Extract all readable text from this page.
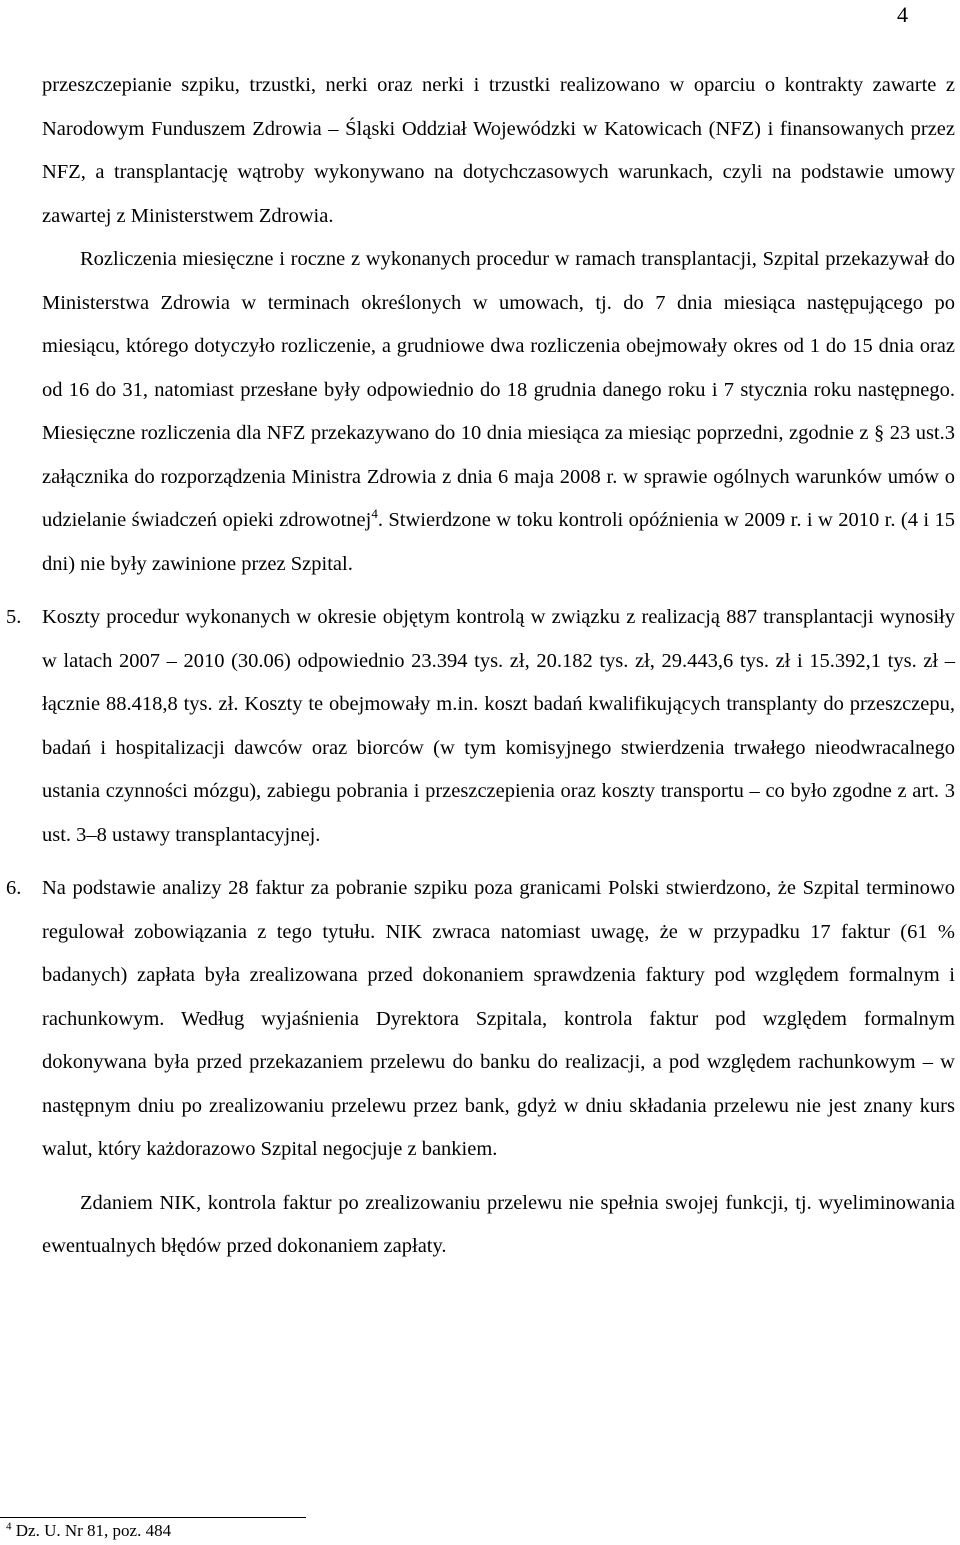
4

przeszczepianie szpiku, trzustki, nerki oraz nerki i trzustki realizowano w oparciu o kontrakty zawarte z Narodowym Funduszem Zdrowia – Śląski Oddział Wojewódzki w Katowicach (NFZ) i finansowanych przez NFZ, a transplantację wątroby wykonywano na dotychczasowych warunkach, czyli na podstawie umowy zawartej z Ministerstwem Zdrowia.

Rozliczenia miesięczne i roczne z wykonanych procedur w ramach transplantacji, Szpital przekazywał do Ministerstwa Zdrowia w terminach określonych w umowach, tj. do 7 dnia miesiąca następującego po miesiącu, którego dotyczyło rozliczenie, a grudniowe dwa rozliczenia obejmowały okres od 1 do 15 dnia oraz od 16 do 31, natomiast przesłane były odpowiednio do 18 grudnia danego roku i 7 stycznia roku następnego. Miesięczne rozliczenia dla NFZ przekazywano do 10 dnia miesiąca za miesiąc poprzedni, zgodnie z § 23 ust.3 załącznika do rozporządzenia Ministra Zdrowia z dnia 6 maja 2008 r. w sprawie ogólnych warunków umów o udzielanie świadczeń opieki zdrowotnej$^4$. Stwierdzone w toku kontroli opóźnienia w 2009 r. i w 2010 r. (4 i 15 dni) nie były zawinione przez Szpital.

5. Koszty procedur wykonanych w okresie objętym kontrolą w związku z realizacją 887 transplantacji wynosiły w latach 2007 – 2010 (30.06) odpowiednio 23.394 tys. zł, 20.182 tys. zł, 29.443,6 tys. zł i 15.392,1 tys. zł – łącznie 88.418,8 tys. zł. Koszty te obejmowały m.in. koszt badań kwalifikujących transplanty do przeszczepu, badań i hospitalizacji dawców oraz biorców (w tym komisyjnego stwierdzenia trwałego nieodwracalnego ustania czynności mózgu), zabiegu pobrania i przeszczepienia oraz koszty transportu – co było zgodne z art. 3 ust. 3–8 ustawy transplantacyjnej.

6. Na podstawie analizy 28 faktur za pobranie szpiku poza granicami Polski stwierdzono, że Szpital terminowo regulował zobowiązania z tego tytułu. NIK zwraca natomiast uwagę, że w przypadku 17 faktur (61 % badanych) zapłata była zrealizowana przed dokonaniem sprawdzenia faktury pod względem formalnym i rachunkowym. Według wyjaśnienia Dyrektora Szpitala, kontrola faktur pod względem formalnym dokonywana była przed przekazaniem przelewu do banku do realizacji, a pod względem rachunkowym – w następnym dniu po zrealizowaniu przelewu przez bank, gdyż w dniu składania przelewu nie jest znany kurs walut, który każdorazowo Szpital negocjuje z bankiem.

Zdaniem NIK, kontrola faktur po zrealizowaniu przelewu nie spełnia swojej funkcji, tj. wyeliminowania ewentualnych błędów przed dokonaniem zapłaty.

$^4$ Dz. U. Nr 81, poz. 484
